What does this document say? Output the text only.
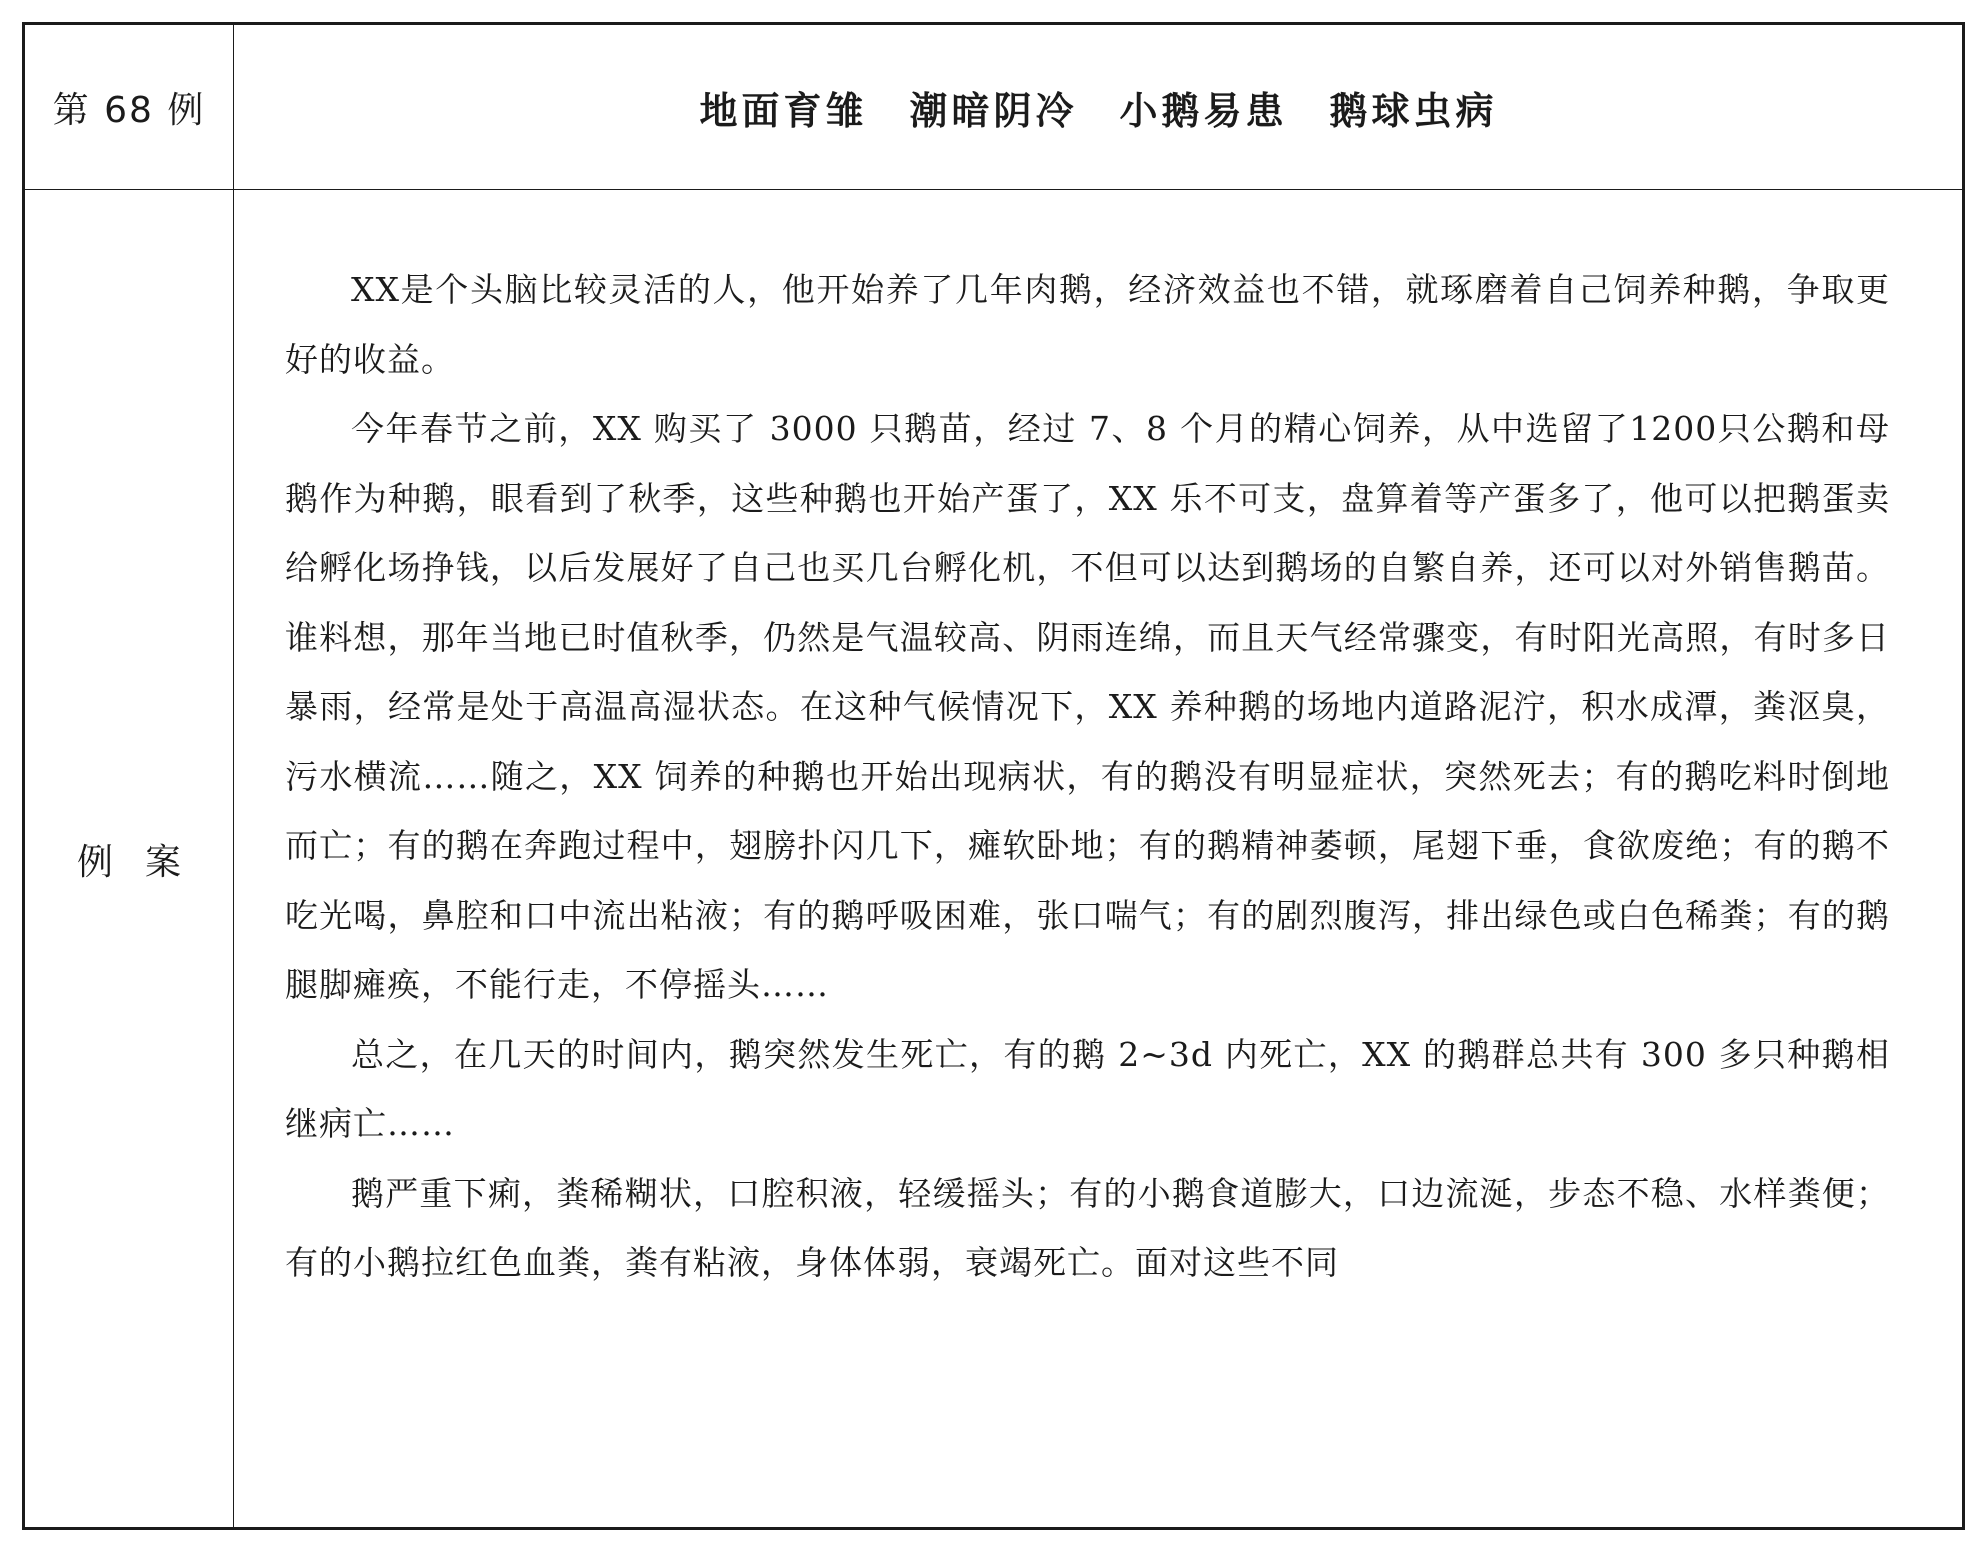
第 68 例	地面育雏　潮暗阴冷　小鹅易患　鹅球虫病
例案

XX是个头脑比较灵活的人，他开始养了几年肉鹅，经济效益也不错，就琢磨着自己饲养种鹅，争取更好的收益。

今年春节之前，XX 购买了 3000 只鹅苗，经过 7、8 个月的精心饲养，从中选留了1200只公鹅和母鹅作为种鹅，眼看到了秋季，这些种鹅也开始产蛋了，XX 乐不可支，盘算着等产蛋多了，他可以把鹅蛋卖给孵化场挣钱，以后发展好了自己也买几台孵化机，不但可以达到鹅场的自繁自养，还可以对外销售鹅苗。谁料想，那年当地已时值秋季，仍然是气温较高、阴雨连绵，而且天气经常骤变，有时阳光高照，有时多日暴雨，经常是处于高温高湿状态。在这种气候情况下，XX 养种鹅的场地内道路泥泞，积水成潭，粪沤臭，污水横流……随之，XX 饲养的种鹅也开始出现病状，有的鹅没有明显症状，突然死去；有的鹅吃料时倒地而亡；有的鹅在奔跑过程中，翅膀扑闪几下，瘫软卧地；有的鹅精神萎顿，尾翅下垂，食欲废绝；有的鹅不吃光喝，鼻腔和口中流出粘液；有的鹅呼吸困难，张口喘气；有的剧烈腹泻，排出绿色或白色稀粪；有的鹅腿脚瘫痪，不能行走，不停摇头……

总之，在几天的时间内，鹅突然发生死亡，有的鹅 2~3d 内死亡，XX 的鹅群总共有 300 多只种鹅相继病亡……

鹅严重下痢，粪稀糊状，口腔积液，轻缓摇头；有的小鹅食道膨大，口边流涎，步态不稳、水样粪便；有的小鹅拉红色血粪，粪有粘液，身体体弱，衰竭死亡。面对这些不同
